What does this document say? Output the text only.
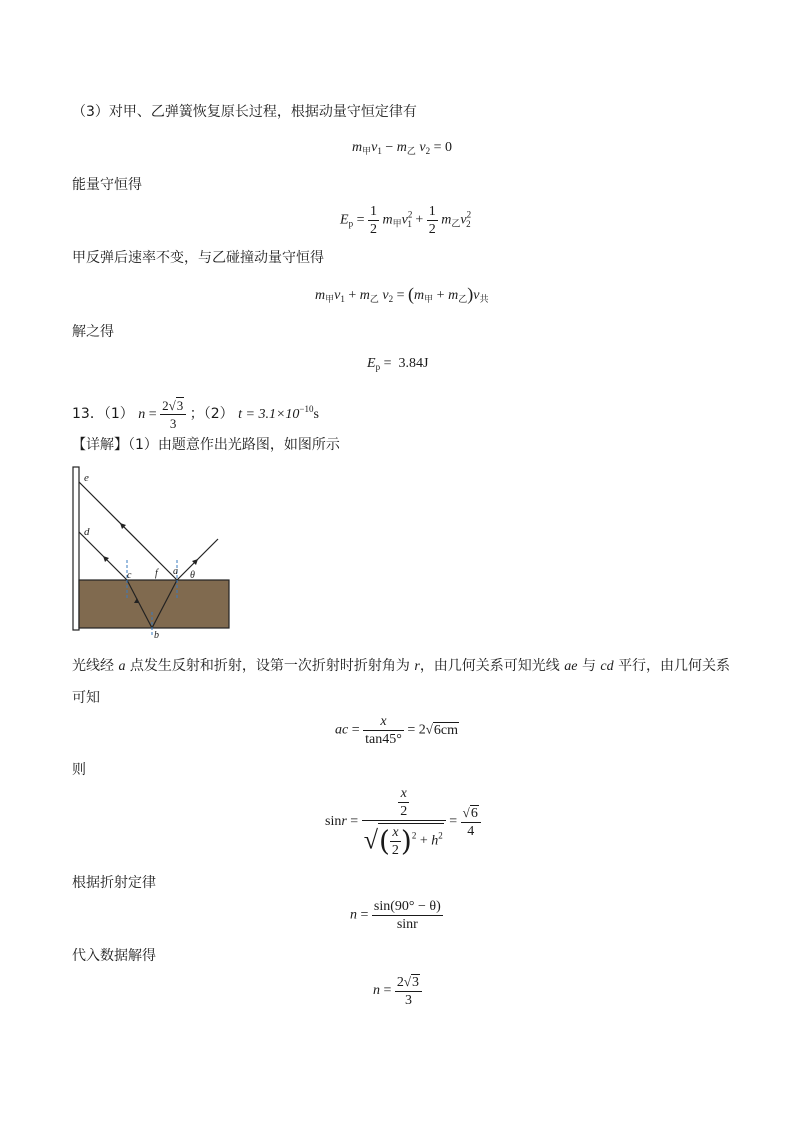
（3）对甲、乙弹簧恢复原长过程，根据动量守恒定律有
$m_甲v_1 - m_乙$ $v_2 = 0$
能量守恒得
$E_p = \frac{1}{2} m_甲v^2_1 + \frac{1}{2} m_乙v^2_2$
甲反弹后速率不变，与乙碰撞动量守恒得
$m_甲v_1 + m_乙$ $v_2 = (m_甲 + m_乙)v_共$
解之得
$E_p = 3.84J$
13．（1） $n = \frac{2√3}{3}$ ；（2） $t = 3.1\times 10^{-10}s$
【详解】（1）由题意作出光路图，如图所示
e
d
c f a θ
b
光线经 a 点发生反射和折射，设第一次折射时折射角为 r，由几何关系可知光线 ae 与 cd 平行，由几何关系
可知
ac = $\frac{x}{\tan 45^\circ} = 2√6cm$
则
$\sin r = \frac{\frac{x}{2}}{√( \frac{x}{2} )^2 + h^2} = \frac{√6}{4}$
根据折射定律
$n = \frac{\sin(90^\circ - \theta)}{\sin r}$
代入数据解得
$n = \frac{2√3}{3}$
